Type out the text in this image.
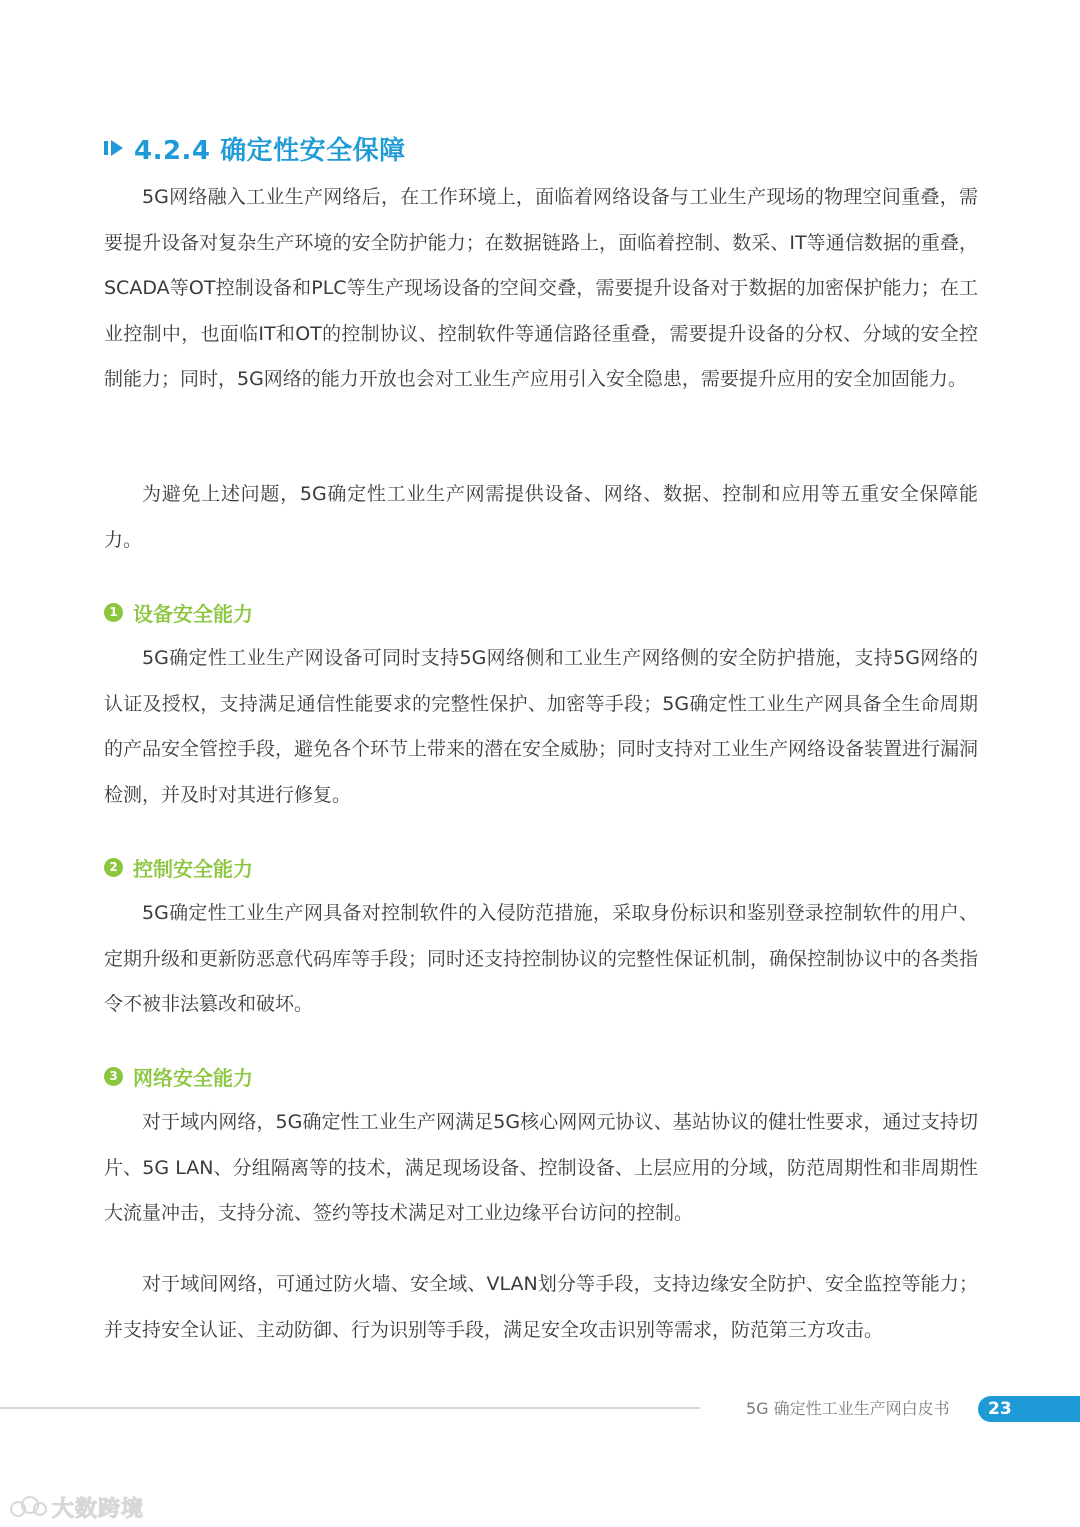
4.2.4 确定性安全保障

5G网络融入工业生产网络后，在工作环境上，面临着网络设备与工业生产现场的物理空间重叠，需要提升设备对复杂生产环境的安全防护能力；在数据链路上，面临着控制、数采、IT等通信数据的重叠，SCADA等OT控制设备和PLC等生产现场设备的空间交叠，需要提升设备对于数据的加密保护能力；在工业控制中，也面临IT和OT的控制协议、控制软件等通信路径重叠，需要提升设备的分权、分域的安全控制能力；同时，5G网络的能力开放也会对工业生产应用引入安全隐患，需要提升应用的安全加固能力。

为避免上述问题，5G确定性工业生产网需提供设备、网络、数据、控制和应用等五重安全保障能力。

1 设备安全能力

5G确定性工业生产网设备可同时支持5G网络侧和工业生产网络侧的安全防护措施，支持5G网络的认证及授权，支持满足通信性能要求的完整性保护、加密等手段；5G确定性工业生产网具备全生命周期的产品安全管控手段，避免各个环节上带来的潜在安全威胁；同时支持对工业生产网络设备装置进行漏洞检测，并及时对其进行修复。

2 控制安全能力

5G确定性工业生产网具备对控制软件的入侵防范措施，采取身份标识和鉴别登录控制软件的用户、定期升级和更新防恶意代码库等手段；同时还支持控制协议的完整性保证机制，确保控制协议中的各类指令不被非法篡改和破坏。

3 网络安全能力

对于域内网络，5G确定性工业生产网满足5G核心网网元协议、基站协议的健壮性要求，通过支持切片、5G LAN、分组隔离等的技术，满足现场设备、控制设备、上层应用的分域，防范周期性和非周期性大流量冲击，支持分流、签约等技术满足对工业边缘平台访问的控制。

对于域间网络，可通过防火墙、安全域、VLAN划分等手段，支持边缘安全防护、安全监控等能力；并支持安全认证、主动防御、行为识别等手段，满足安全攻击识别等需求，防范第三方攻击。

5G 确定性工业生产网白皮书	23
大数跨境
